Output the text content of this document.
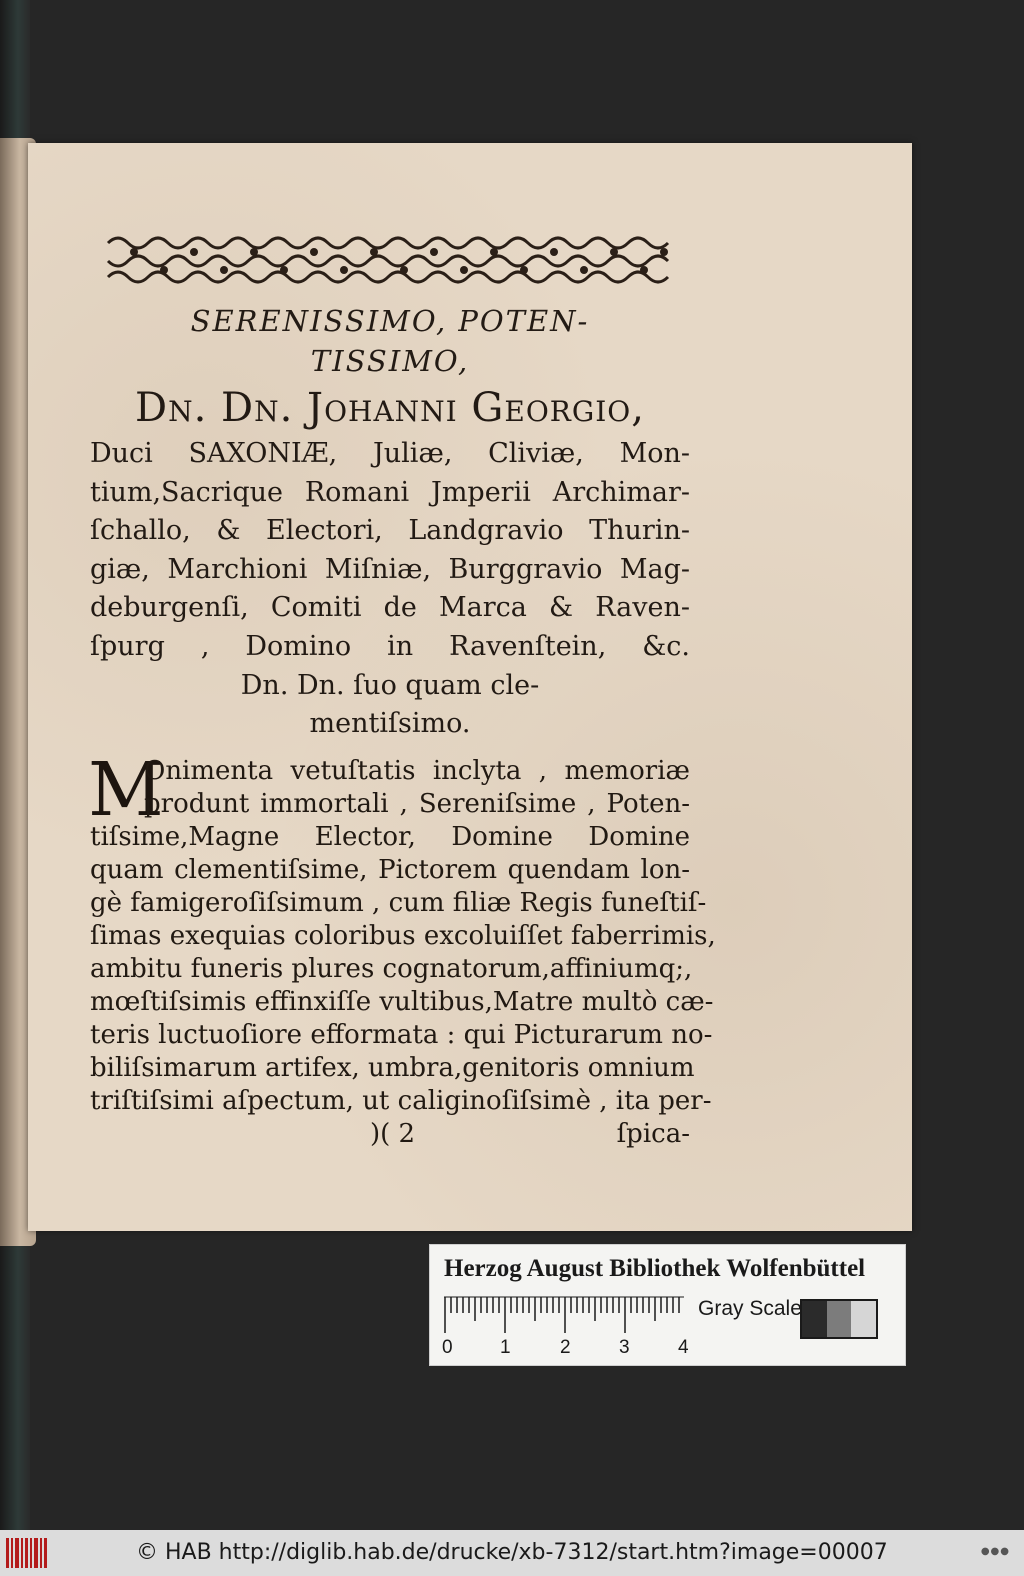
SERENISSIMO, POTEN-
TISSIMO,
Dn. Dn. Johanni Georgio,
Duci SAXONIÆ, Juliæ, Cliviæ, Mon-
tium,Sacrique Romani Jmperii Archimar-
ſchallo, & Electori, Landgravio Thurin-
giæ, Marchioni Miſniæ, Burggravio Mag-
deburgenſi, Comiti de Marca & Raven-
ſpurg , Domino in Ravenſtein, &c.
Dn. Dn. ſuo quam cle-
mentiſsimo.
M
Onimenta vetuſtatis inclyta , memoriæ
produnt immortali , Sereniſsime , Poten-
tiſsime,Magne Elector, Domine Domine
quam clementiſsime, Pictorem quendam lon-
gè famigeroſiſsimum , cum filiæ Regis funeſtiſ-
ſimas exequias coloribus excoluiſſet faberrimis,
ambitu funeris plures cognatorum,affiniumq;,
mœſtiſsimis effinxiſſe vultibus,Matre multò cæ-
teris luctuoſiore efformata : qui Picturarum no-
biliſsimarum artifex, umbra,genitoris omnium
triſtiſsimi aſpectum, ut caliginoſiſsimè , ita per-
)( 2	ſpica-
Herzog August Bibliothek Wolfenbüttel
0 1	2	3	4
Gray Scale
© HAB http://diglib.hab.de/drucke/xb-7312/start.htm?image=00007	●●●
